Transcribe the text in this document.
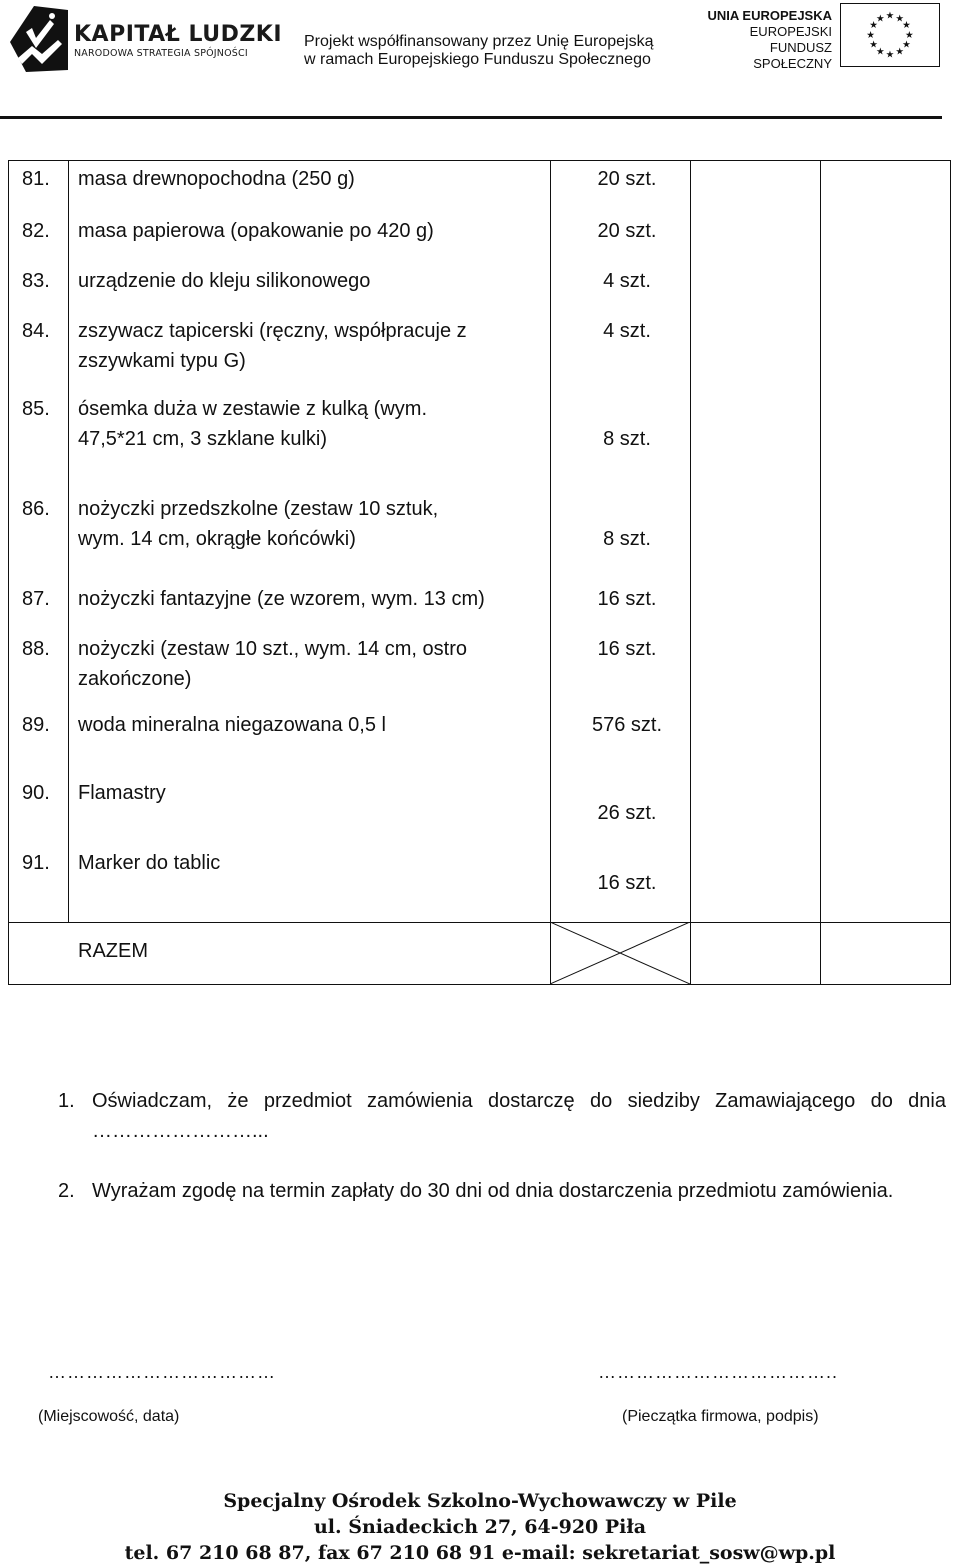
KAPITAŁ LUDZKI
NARODOWA STRATEGIA SPÓJNOŚCI
Projekt współfinansowany przez Unię Europejską
w ramach Europejskiego Funduszu Społecznego
UNIA EUROPEJSKA
EUROPEJSKI
FUNDUSZ SPOŁECZNY
★ ★
★
★
★
★
★
★
★
★
★
★
81. masa drewnopochodna (250 g)	20 szt.
82. masa papierowa (opakowanie po 420 g)	20 szt.
83. urządzenie do kleju silikonowego	4 szt.
84. zszywacz tapicerski (ręczny, współpracuje z
zszywkami typu G)
4 szt.
85. ósemka duża w zestawie z kulką (wym.
47,5*21 cm, 3 szklane kulki)	8 szt.
86. nożyczki przedszkolne (zestaw 10 sztuk,
wym. 14 cm, okrągłe końcówki)	8 szt.
87. nożyczki fantazyjne (ze wzorem, wym. 13 cm)	16 szt.
88. nożyczki (zestaw 10 szt., wym. 14 cm, ostro
zakończone)
16 szt.
89. woda mineralna niegazowana 0,5 l	576 szt.
90. Flamastry
26 szt.
91. Marker do tablic
16 szt.
RAZEM
1. Oświadczam, że przedmiot zamówienia dostarczę do siedziby Zamawiającego do dnia ……………………...
2. Wyrażam zgodę na termin zapłaty do 30 dni od dnia dostarczenia przedmiotu zamówienia.
………………………………	………………………………..
(Miejscowość, data)	(Pieczątka firmowa, podpis)
Specjalny Ośrodek Szkolno-Wychowawczy w Pile
ul. Śniadeckich 27, 64-920 Piła
tel. 67 210 68 87, fax 67 210 68 91 e-mail: sekretariat_sosw@wp.pl
